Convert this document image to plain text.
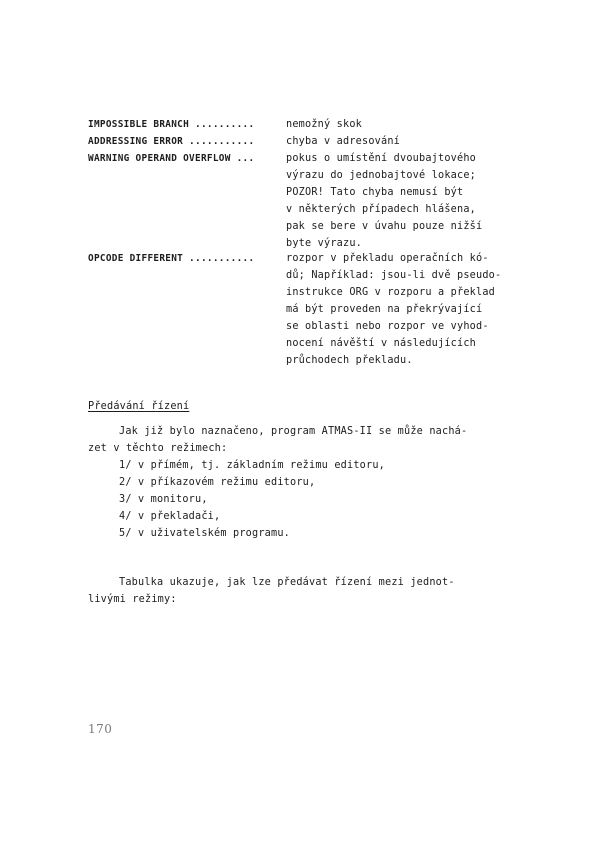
IMPOSSIBLE BRANCH ..........	nemožný skok
ADDRESSING ERROR ...........	chyba v adresování
WARNING OPERAND OVERFLOW ...	pokus o umístění dvoubajtového
výrazu do jednobajtové lokace;
POZOR! Tato chyba nemusí být
v některých případech hlášena,
pak se bere v úvahu pouze nižší
byte výrazu.
OPCODE DIFFERENT ...........	rozpor v překladu operačních kó-
dů; Například: jsou-li dvě pseudo-
instrukce ORG v rozporu a překlad
má být proveden na překrývající
se oblasti nebo rozpor ve vyhod-
nocení návěští v následujících
průchodech překladu.
Předávání řízení
Jak již bylo naznačeno, program ATMAS-II se může nachá-
zet v těchto režimech:
1/ v přímém, tj. základním režimu editoru,
2/ v příkazovém režimu editoru,
3/ v monitoru,
4/ v překladači,
5/ v uživatelském programu.
Tabulka ukazuje, jak lze předávat řízení mezi jednot-
livými režimy:
170
